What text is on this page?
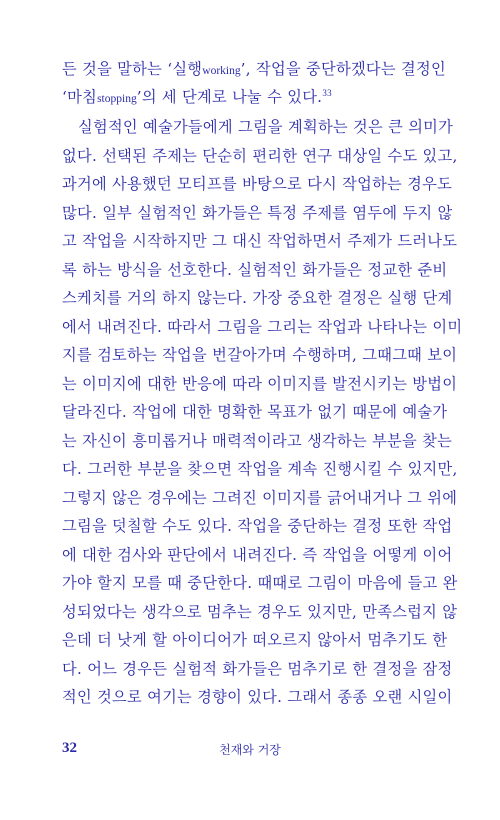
든 것을 말하는 ‘실행working’, 작업을 중단하겠다는 결정인
‘마침stopping’의 세 단계로 나눌 수 있다.$^{33}$
실험적인 예술가들에게 그림을 계획하는 것은 큰 의미가
없다. 선택된 주제는 단순히 편리한 연구 대상일 수도 있고,
과거에 사용했던 모티프를 바탕으로 다시 작업하는 경우도
많다. 일부 실험적인 화가들은 특정 주제를 염두에 두지 않
고 작업을 시작하지만 그 대신 작업하면서 주제가 드러나도
록 하는 방식을 선호한다. 실험적인 화가들은 정교한 준비
스케치를 거의 하지 않는다. 가장 중요한 결정은 실행 단계
에서 내려진다. 따라서 그림을 그리는 작업과 나타나는 이미
지를 검토하는 작업을 번갈아가며 수행하며, 그때그때 보이
는 이미지에 대한 반응에 따라 이미지를 발전시키는 방법이
달라진다. 작업에 대한 명확한 목표가 없기 때문에 예술가
는 자신이 흥미롭거나 매력적이라고 생각하는 부분을 찾는
다. 그러한 부분을 찾으면 작업을 계속 진행시킬 수 있지만,
그렇지 않은 경우에는 그려진 이미지를 긁어내거나 그 위에
그림을 덧칠할 수도 있다. 작업을 중단하는 결정 또한 작업
에 대한 검사와 판단에서 내려진다. 즉 작업을 어떻게 이어
가야 할지 모를 때 중단한다. 때때로 그림이 마음에 들고 완
성되었다는 생각으로 멈추는 경우도 있지만, 만족스럽지 않
은데 더 낫게 할 아이디어가 떠오르지 않아서 멈추기도 한
다. 어느 경우든 실험적 화가들은 멈추기로 한 결정을 잠정
적인 것으로 여기는 경향이 있다. 그래서 종종 오랜 시일이
32	천재와 거장
